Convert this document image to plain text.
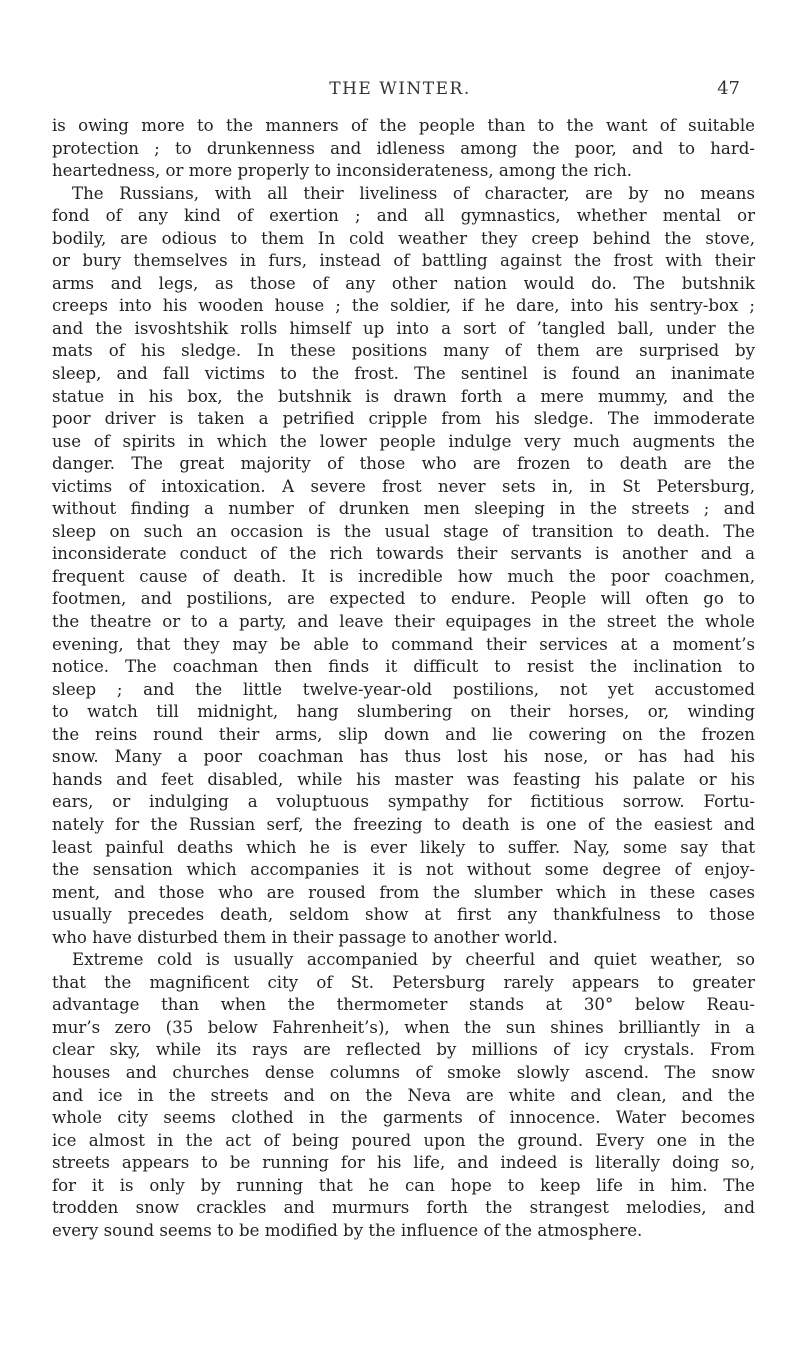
THE WINTER.	47
is owing more to the manners of the people than to the want of suitable
protection ; to drunkenness and idleness among the poor, and to hard-
heartedness, or more properly to inconsiderateness, among the rich.
The Russians, with all their liveliness of character, are by no means
fond of any kind of exertion ; and all gymnastics, whether mental or
bodily, are odious to them In cold weather they creep behind the stove,
or bury themselves in furs, instead of battling against the frost with their
arms and legs, as those of any other nation would do. The butshnik
creeps into his wooden house ; the soldier, if he dare, into his sentry-box ;
and the isvoshtshik rolls himself up into a sort of ’tangled ball, under the
mats of his sledge. In these positions many of them are surprised by
sleep, and fall victims to the frost. The sentinel is found an inanimate
statue in his box, the butshnik is drawn forth a mere mummy, and the
poor driver is taken a petrified cripple from his sledge. The immoderate
use of spirits in which the lower people indulge very much augments the
danger. The great majority of those who are frozen to death are the
victims of intoxication. A severe frost never sets in, in St Petersburg,
without finding a number of drunken men sleeping in the streets ; and
sleep on such an occasion is the usual stage of transition to death. The
inconsiderate conduct of the rich towards their servants is another and a
frequent cause of death. It is incredible how much the poor coachmen,
footmen, and postilions, are expected to endure. People will often go to
the theatre or to a party, and leave their equipages in the street the whole
evening, that they may be able to command their services at a moment’s
notice. The coachman then finds it difficult to resist the inclination to
sleep ; and the little twelve-year-old postilions, not yet accustomed
to watch till midnight, hang slumbering on their horses, or, winding
the reins round their arms, slip down and lie cowering on the frozen
snow. Many a poor coachman has thus lost his nose, or has had his
hands and feet disabled, while his master was feasting his palate or his
ears, or indulging a voluptuous sympathy for fictitious sorrow. Fortu-
nately for the Russian serf, the freezing to death is one of the easiest and
least painful deaths which he is ever likely to suffer. Nay, some say that
the sensation which accompanies it is not without some degree of enjoy-
ment, and those who are roused from the slumber which in these cases
usually precedes death, seldom show at first any thankfulness to those
who have disturbed them in their passage to another world.
Extreme cold is usually accompanied by cheerful and quiet weather, so
that the magnificent city of St. Petersburg rarely appears to greater
advantage than when the thermometer stands at 30° below Reau-
mur’s zero (35 below Fahrenheit’s), when the sun shines brilliantly in a
clear sky, while its rays are reflected by millions of icy crystals. From
houses and churches dense columns of smoke slowly ascend. The snow
and ice in the streets and on the Neva are white and clean, and the
whole city seems clothed in the garments of innocence. Water becomes
ice almost in the act of being poured upon the ground. Every one in the
streets appears to be running for his life, and indeed is literally doing so,
for it is only by running that he can hope to keep life in him. The
trodden snow crackles and murmurs forth the strangest melodies, and
every sound seems to be modified by the influence of the atmosphere.
